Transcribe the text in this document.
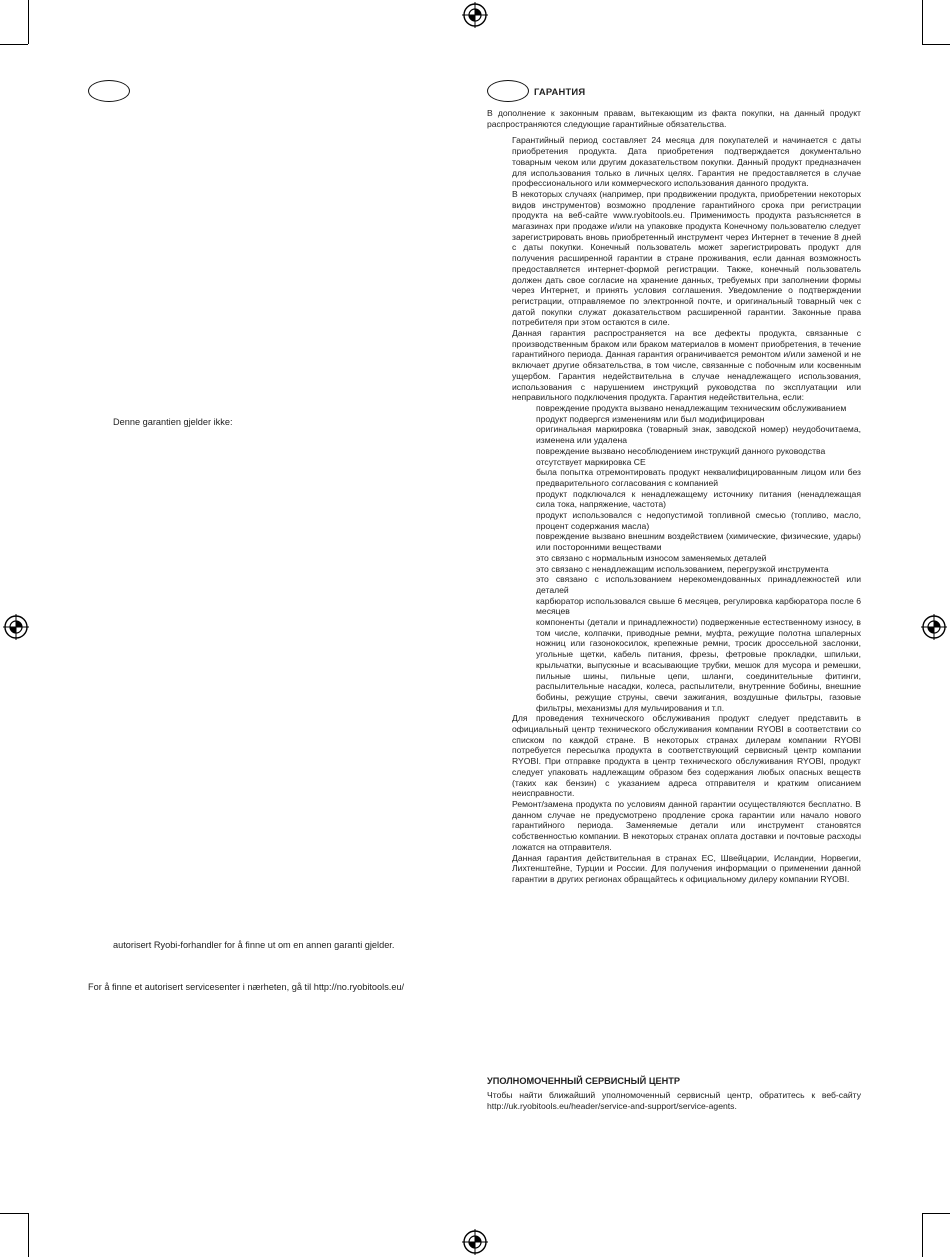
Denne garantien gjelder ikke:
autorisert Ryobi-forhandler for å finne ut om en annen garanti gjelder.
For å finne et autorisert servicesenter i nærheten, gå til http://no.ryobitools.eu/
ГАРАНТИЯ

В дополнение к законным правам, вытекающим из факта покупки, на данный продукт распространяются следующие гарантийные обязательства.

Гарантийный период составляет 24 месяца для покупателей и начинается с даты приобретения продукта. Дата приобретения подтверждается документально товарным чеком или другим доказательством покупки. Данный продукт предназначен для использования только в личных целях. Гарантия не предоставляется в случае профессионального или коммерческого использования данного продукта.

В некоторых случаях (например, при продвижении продукта, приобретении некоторых видов инструментов) возможно продление гарантийного срока при регистрации продукта на веб-сайте www.ryobitools.eu. Применимость продукта разъясняется в магазинах при продаже и/или на упаковке продукта Конечному пользователю следует зарегистрировать вновь приобретенный инструмент через Интернет в течение 8 дней с даты покупки. Конечный пользователь может зарегистрировать продукт для получения расширенной гарантии в стране проживания, если данная возможность предоставляется интернет-формой регистрации. Также, конечный пользователь должен дать свое согласие на хранение данных, требуемых при заполнении формы через Интернет, и принять условия соглашения. Уведомление о подтверждении регистрации, отправляемое по электронной почте, и оригинальный товарный чек с датой покупки служат доказательством расширенной гарантии. Законные права потребителя при этом остаются в силе.

Данная гарантия распространяется на все дефекты продукта, связанные с производственным браком или браком материалов в момент приобретения, в течение гарантийного периода. Данная гарантия ограничивается ремонтом и/или заменой и не включает другие обязательства, в том числе, связанные с побочным или косвенным ущербом. Гарантия недействительна в случае ненадлежащего использования, использования с нарушением инструкций руководства по эксплуатации или неправильного подключения продукта. Гарантия недействительна, если:

повреждение продукта вызвано ненадлежащим техническим обслуживанием
продукт подвергся изменениям или был модифицирован
оригинальная маркировка (товарный знак, заводской номер) неудобочитаема, изменена или удалена
повреждение вызвано несоблюдением инструкций данного руководства
отсутствует маркировка CE
была попытка отремонтировать продукт неквалифицированным лицом или без предварительного согласования с компанией
продукт подключался к ненадлежащему источнику питания (ненадлежащая сила тока, напряжение, частота)
продукт использовался с недопустимой топливной смесью (топливо, масло, процент содержания масла)
повреждение вызвано внешним воздействием (химические, физические, удары) или посторонними веществами
это связано с нормальным износом заменяемых деталей
это связано с ненадлежащим использованием, перегрузкой инструмента
это связано с использованием нерекомендованных принадлежностей или деталей
карбюратор использовался свыше 6 месяцев, регулировка карбюратора после 6 месяцев
компоненты (детали и принадлежности) подверженные естественному износу, в том числе, колпачки, приводные ремни, муфта, режущие полотна шпалерных ножниц или газонокосилок, крепежные ремни, тросик дроссельной заслонки, угольные щетки, кабель питания, фрезы, фетровые прокладки, шпильки, крыльчатки, выпускные и всасывающие трубки, мешок для мусора и ремешки, пильные шины, пильные цепи, шланги, соединительные фитинги, распылительные насадки, колеса, распылители, внутренние бобины, внешние бобины, режущие струны, свечи зажигания, воздушные фильтры, газовые фильтры, механизмы для мульчирования и т.п.

Для проведения технического обслуживания продукт следует представить в официальный центр технического обслуживания компании RYOBI в соответствии со списком по каждой стране. В некоторых странах дилерам компании RYOBI потребуется пересылка продукта в соответствующий сервисный центр компании RYOBI. При отправке продукта в центр технического обслуживания RYOBI, продукт следует упаковать надлежащим образом без содержания любых опасных веществ (таких как бензин) с указанием адреса отправителя и кратким описанием неисправности.

Ремонт/замена продукта по условиям данной гарантии осуществляются бесплатно. В данном случае не предусмотрено продление срока гарантии или начало нового гарантийного периода. Заменяемые детали или инструмент становятся собственностью компании. В некоторых странах оплата доставки и почтовые расходы ложатся на отправителя.

Данная гарантия действительная в странах ЕС, Швейцарии, Исландии, Норвегии, Лихтенштейне, Турции и России. Для получения информации о применении данной гарантии в других регионах обращайтесь к официальному дилеру компании RYOBI.

УПОЛНОМОЧЕННЫЙ СЕРВИСНЫЙ ЦЕНТР
Чтобы найти ближайший уполномоченный сервисный центр, обратитесь к веб-сайту http://uk.ryobitools.eu/header/service-and-support/service-agents.
